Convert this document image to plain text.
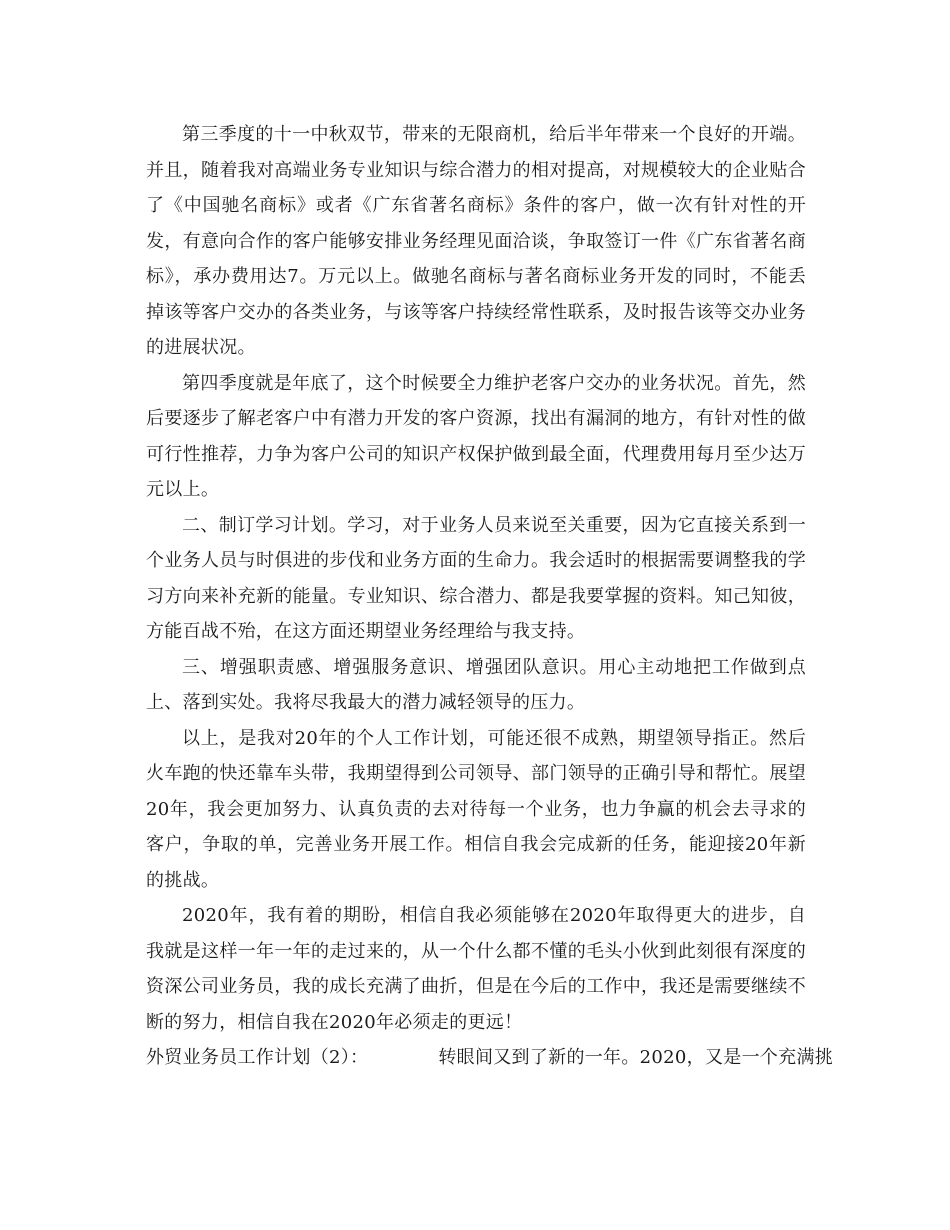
第三季度的十一中秋双节，带来的无限商机，给后半年带来一个良好的开端。并且，随着我对高端业务专业知识与综合潜力的相对提高，对规模较大的企业贴合了《中国驰名商标》或者《广东省著名商标》条件的客户，做一次有针对性的开发，有意向合作的客户能够安排业务经理见面洽谈，争取签订一件《广东省著名商标》，承办费用达7。万元以上。做驰名商标与著名商标业务开发的同时，不能丢掉该等客户交办的各类业务，与该等客户持续经常性联系，及时报告该等交办业务的进展状况。

第四季度就是年底了，这个时候要全力维护老客户交办的业务状况。首先，然后要逐步了解老客户中有潜力开发的客户资源，找出有漏洞的地方，有针对性的做可行性推荐，力争为客户公司的知识产权保护做到最全面，代理费用每月至少达万元以上。

二、制订学习计划。学习，对于业务人员来说至关重要，因为它直接关系到一个业务人员与时俱进的步伐和业务方面的生命力。我会适时的根据需要调整我的学习方向来补充新的能量。专业知识、综合潜力、都是我要掌握的资料。知己知彼，方能百战不殆，在这方面还期望业务经理给与我支持。

三、增强职责感、增强服务意识、增强团队意识。用心主动地把工作做到点上、落到实处。我将尽我最大的潜力减轻领导的压力。

以上，是我对20年的个人工作计划，可能还很不成熟，期望领导指正。然后火车跑的快还靠车头带，我期望得到公司领导、部门领导的正确引导和帮忙。展望20年，我会更加努力、认真负责的去对待每一个业务，也力争赢的机会去寻求的客户，争取的单，完善业务开展工作。相信自我会完成新的任务，能迎接20年新的挑战。

2020年，我有着的期盼，相信自我必须能够在2020年取得更大的进步，自我就是这样一年一年的走过来的，从一个什么都不懂的毛头小伙到此刻很有深度的资深公司业务员，我的成长充满了曲折，但是在今后的工作中，我还是需要继续不断的努力，相信自我在2020年必须走的更远！

外贸业务员工作计划（2）：	转眼间又到了新的一年。2020，又是一个充满挑
